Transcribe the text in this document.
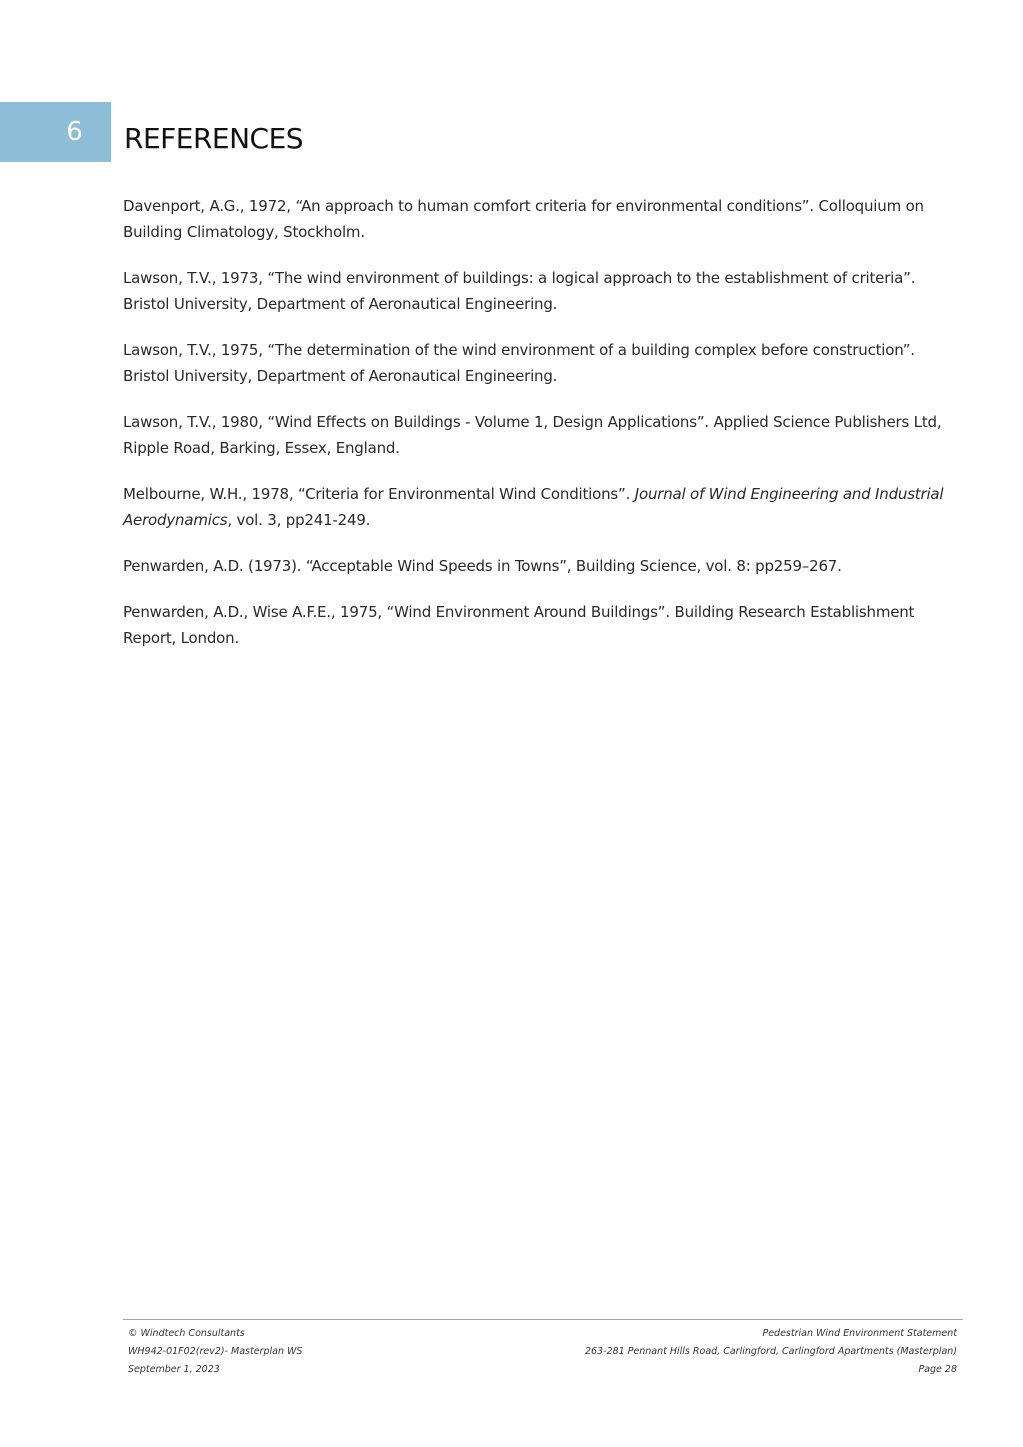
6 REFERENCES

Davenport, A.G., 1972, “An approach to human comfort criteria for environmental conditions”. Colloquium on Building Climatology, Stockholm.

Lawson, T.V., 1973, “The wind environment of buildings: a logical approach to the establishment of criteria”. Bristol University, Department of Aeronautical Engineering.

Lawson, T.V., 1975, “The determination of the wind environment of a building complex before construction”. Bristol University, Department of Aeronautical Engineering.

Lawson, T.V., 1980, “Wind Effects on Buildings - Volume 1, Design Applications”. Applied Science Publishers Ltd, Ripple Road, Barking, Essex, England.

Melbourne, W.H., 1978, “Criteria for Environmental Wind Conditions”. Journal of Wind Engineering and Industrial Aerodynamics, vol. 3, pp241-249.

Penwarden, A.D. (1973). “Acceptable Wind Speeds in Towns”, Building Science, vol. 8: pp259–267.

Penwarden, A.D., Wise A.F.E., 1975, “Wind Environment Around Buildings”. Building Research Establishment Report, London.

© Windtech Consultants
WH942-01F02(rev2)- Masterplan WS
September 1, 2023
Pedestrian Wind Environment Statement
263-281 Pennant Hills Road, Carlingford, Carlingford Apartments (Masterplan)
Page 28
